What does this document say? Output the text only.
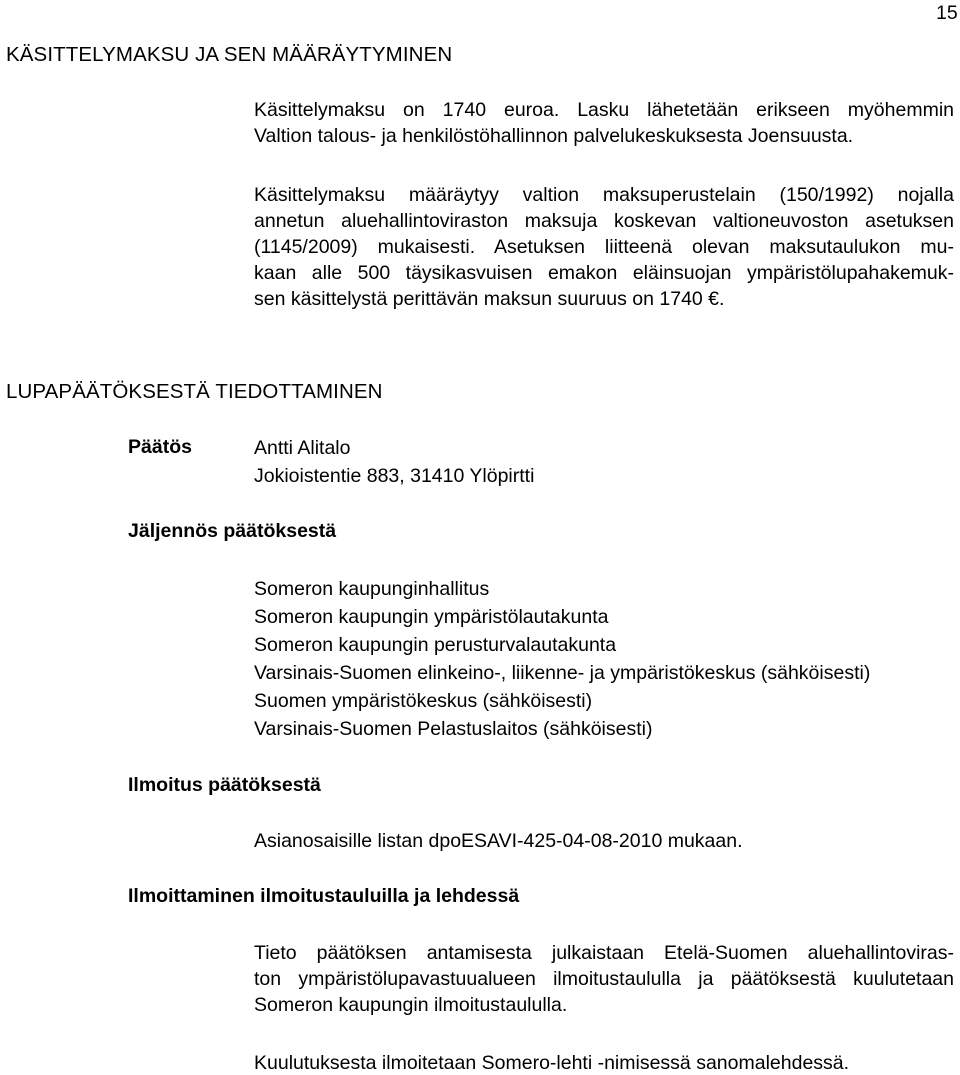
15
KÄSITTELYMAKSU JA SEN MÄÄRÄYTYMINEN

Käsittelymaksu on 1740 euroa. Lasku lähetetään erikseen myöhemmin
Valtion talous- ja henkilöstöhallinnon palvelukeskuksesta Joensuusta.

Käsittelymaksu määräytyy valtion maksuperustelain (150/1992) nojalla
annetun aluehallintoviraston maksuja koskevan valtioneuvoston asetuksen
(1145/2009) mukaisesti. Asetuksen liitteenä olevan maksutaulukon mu-
kaan alle 500 täysikasvuisen emakon eläinsuojan ympäristölupahakemuk-
sen käsittelystä perittävän maksun suuruus on 1740 €.

LUPAPÄÄTÖKSESTÄ TIEDOTTAMINEN
Päätös	Antti Alitalo
Jokioistentie 883, 31410 Ylöpirtti
Jäljennös päätöksestä
Someron kaupunginhallitus
Someron kaupungin ympäristölautakunta
Someron kaupungin perusturvalautakunta
Varsinais-Suomen elinkeino-, liikenne- ja ympäristökeskus (sähköisesti)
Suomen ympäristökeskus (sähköisesti)
Varsinais-Suomen Pelastuslaitos (sähköisesti)
Ilmoitus päätöksestä
Asianosaisille listan dpoESAVI-425-04-08-2010 mukaan.
Ilmoittaminen ilmoitustauluilla ja lehdessä

Tieto päätöksen antamisesta julkaistaan Etelä-Suomen aluehallintoviras-
ton ympäristölupavastuualueen ilmoitustaululla ja päätöksestä kuulutetaan
Someron kaupungin ilmoitustaululla.

Kuulutuksesta ilmoitetaan Somero-lehti -nimisessä sanomalehdessä.
